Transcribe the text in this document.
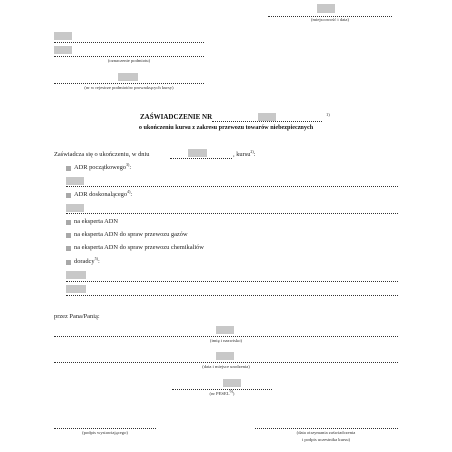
(miejscowość i data)
(oznaczenie podmiotu)
(nr w rejestrze podmiotów prowadzących kursy)
ZAŚWIADCZENIE NR	1)
o ukończeniu kursu z zakresu przewozu towarów niebezpiecznych
Zaświadcza się o ukończeniu, w dniu	, kursu$^{2)}$:
ADR początkowego$^{3)}$:
ADR doskonalącego$^{4)}$:
na eksperta ADN
na eksperta ADN do spraw przewozu gazów
na eksperta ADN do spraw przewozu chemikaliów
doradcy$^{5)}$:
przez Pana/Panią:
(imię i nazwisko)
(data i miejsce urodzenia)
(nr PESEL6))
(podpis wystawiającego)	(data otrzymania zaświadczenia
i podpis uczestnika kursu)
